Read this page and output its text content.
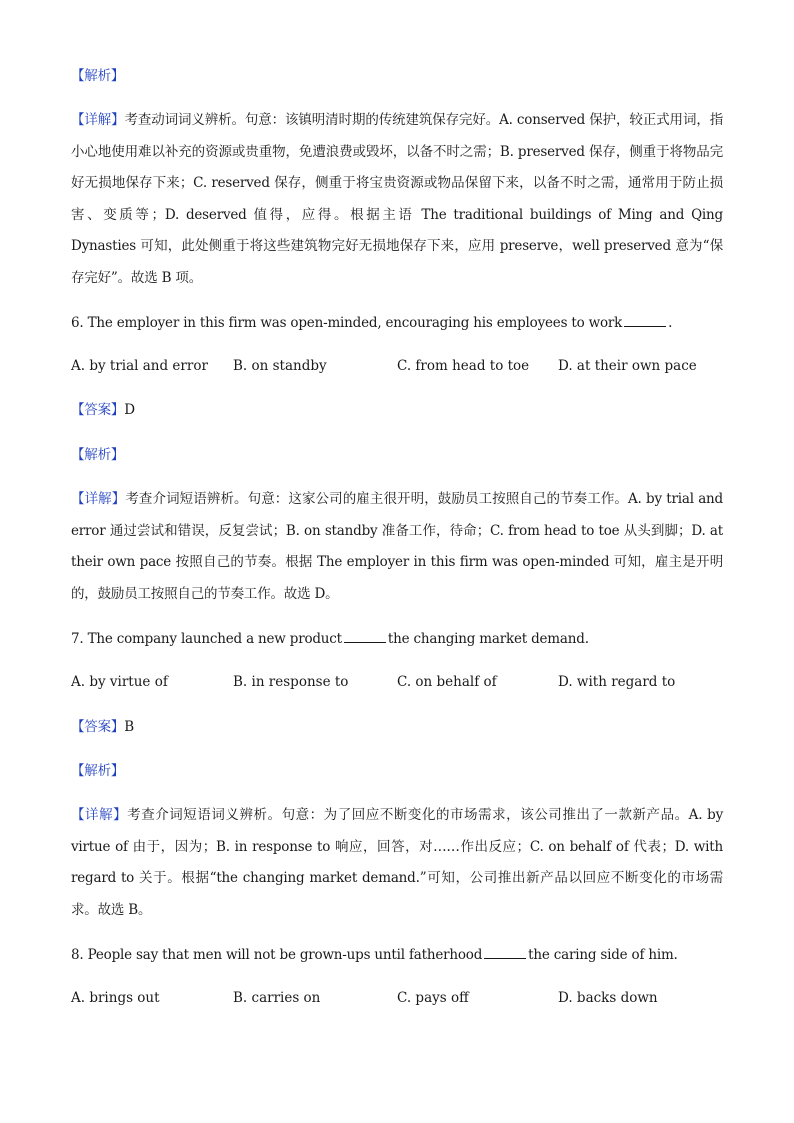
【解析】
【详解】考查动词词义辨析。句意：该镇明清时期的传统建筑保存完好。A. conserved 保护，较正式用词，指小心地使用难以补充的资源或贵重物，免遭浪费或毁坏，以备不时之需；B. preserved 保存，侧重于将物品完好无损地保存下来；C. reserved 保存，侧重于将宝贵资源或物品保留下来，以备不时之需，通常用于防止损害、变质等；D. deserved 值得，应得。根据主语 The traditional buildings of Ming and Qing Dynasties 可知，此处侧重于将这些建筑物完好无损地保存下来，应用 preserve，well preserved 意为“保存完好”。故选 B 项。
6. The employer in this firm was open-minded, encouraging his employees to work	.
A. by trial and error B. on standby	C. from head to toe D. at their own pace
【答案】D
【解析】
【详解】考查介词短语辨析。句意：这家公司的雇主很开明，鼓励员工按照自己的节奏工作。A. by trial and error 通过尝试和错误，反复尝试；B. on standby 准备工作，待命；C. from head to toe 从头到脚；D. at their own pace 按照自己的节奏。根据 The employer in this firm was open-minded 可知，雇主是开明的，鼓励员工按照自己的节奏工作。故选 D。
7. The company launched a new product	the changing market demand.
A. by virtue of	B. in response to	C. on behalf of	D. with regard to
【答案】B
【解析】
【详解】考查介词短语词义辨析。句意：为了回应不断变化的市场需求，该公司推出了一款新产品。A. by virtue of 由于，因为；B. in response to 响应，回答，对……作出反应；C. on behalf of 代表；D. with regard to 关于。根据“the changing market demand.”可知，公司推出新产品以回应不断变化的市场需求。故选 B。
8. People say that men will not be grown-ups until fatherhood	the caring side of him.
A. brings out	B. carries on	C. pays off	D. backs down
